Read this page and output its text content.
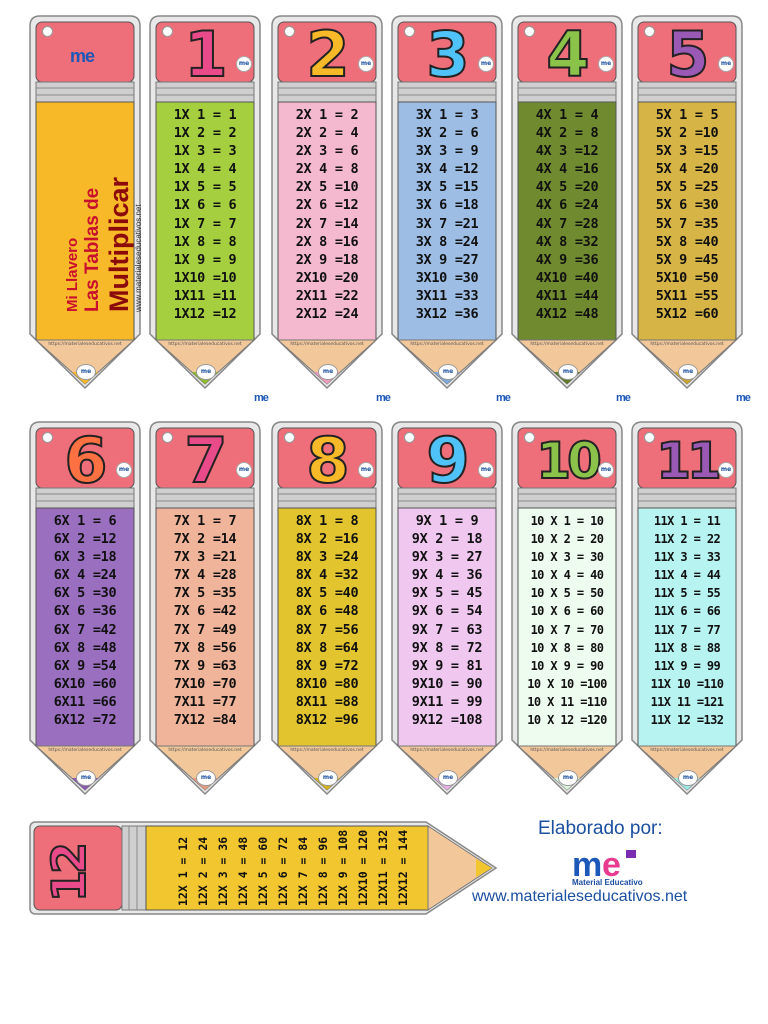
1	me
1X 1 = 1
1X 2 = 2
1X 3 = 3
1X 4 = 4
1X 5 = 5
1X 6 = 6
1X 7 = 7
1X 8 = 8
1X 9 = 9
1X10 =10
1X11 =11
1X12 =12
https://materialeseducativos.net
me
me
2	me
2X 1 = 2
2X 2 = 4
2X 3 = 6
2X 4 = 8
2X 5 =10
2X 6 =12
2X 7 =14
2X 8 =16
2X 9 =18
2X10 =20
2X11 =22
2X12 =24
https://materialeseducativos.net
me
me
3	me
3X 1 = 3
3X 2 = 6
3X 3 = 9
3X 4 =12
3X 5 =15
3X 6 =18
3X 7 =21
3X 8 =24
3X 9 =27
3X10 =30
3X11 =33
3X12 =36
https://materialeseducativos.net
me
me
4	me
4X 1 = 4
4X 2 = 8
4X 3 =12
4X 4 =16
4X 5 =20
4X 6 =24
4X 7 =28
4X 8 =32
4X 9 =36
4X10 =40
4X11 =44
4X12 =48
https://materialeseducativos.net
me
me
5	me
5X 1 = 5
5X 2 =10
5X 3 =15
5X 4 =20
5X 5 =25
5X 6 =30
5X 7 =35
5X 8 =40
5X 9 =45
5X10 =50
5X11 =55
5X12 =60
https://materialeseducativos.net
me
me
6	me
6X 1 = 6
6X 2 =12
6X 3 =18
6X 4 =24
6X 5 =30
6X 6 =36
6X 7 =42
6X 8 =48
6X 9 =54
6X10 =60
6X11 =66
6X12 =72
https://materialeseducativos.net
me
7	me
7X 1 = 7
7X 2 =14
7X 3 =21
7X 4 =28
7X 5 =35
7X 6 =42
7X 7 =49
7X 8 =56
7X 9 =63
7X10 =70
7X11 =77
7X12 =84
https://materialeseducativos.net
me
8	me
8X 1 = 8
8X 2 =16
8X 3 =24
8X 4 =32
8X 5 =40
8X 6 =48
8X 7 =56
8X 8 =64
8X 9 =72
8X10 =80
8X11 =88
8X12 =96
https://materialeseducativos.net
me
9	me
9X 1 = 9
9X 2 = 18
9X 3 = 27
9X 4 = 36
9X 5 = 45
9X 6 = 54
9X 7 = 63
9X 8 = 72
9X 9 = 81
9X10 = 90
9X11 = 99
9X12 =108
https://materialeseducativos.net
me
10 me
10 X 1 = 10
10 X 2 = 20
10 X 3 = 30
10 X 4 = 40
10 X 5 = 50
10 X 6 = 60
10 X 7 = 70
10 X 8 = 80
10 X 9 = 90
10 X 10 =100
10 X 11 =110
10 X 12 =120
https://materialeseducativos.net
me
11 me
11X 1 = 11
11X 2 = 22
11X 3 = 33
11X 4 = 44
11X 5 = 55
11X 6 = 66
11X 7 = 77
11X 8 = 88
11X 9 = 99
11X 10 =110
11X 11 =121
11X 12 =132
https://materialeseducativos.net
me
me
Mi Llavero Las Tablas de Multiplicar www.materialeseducativos.net
https://materialeseducativos.net
me
12	12X 1 = 12 12X 2 = 24 12X 3 = 36 12X 4 = 48 12X 5 = 60 12X 6 = 72 12X 7 = 84 12X 8 = 96 12X 9 = 108 12X10 = 120 12X11 = 132 12X12 = 144
Elaborado por:
m e
Material Educativo
www.materialeseducativos.net
